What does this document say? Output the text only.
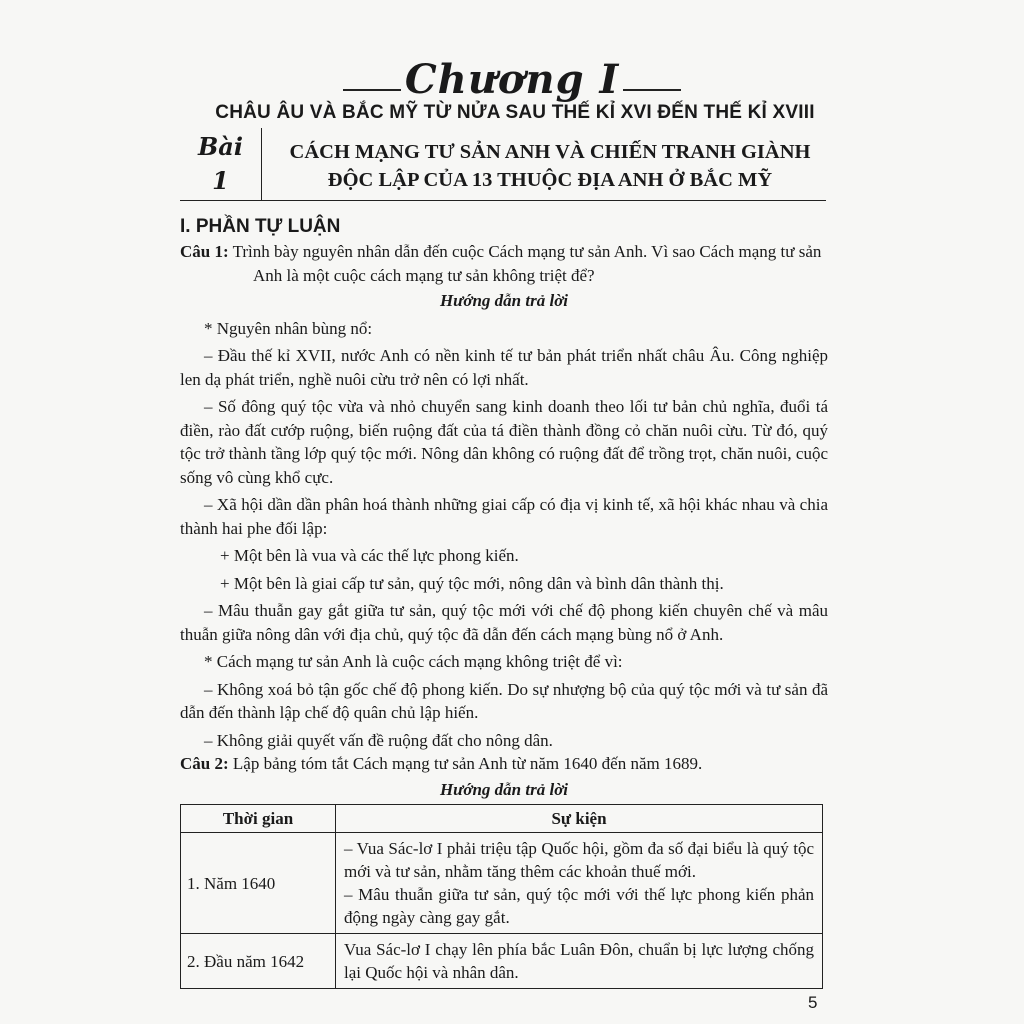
Chương I
CHÂU ÂU VÀ BẮC MỸ TỪ NỬA SAU THẾ KỈ XVI ĐẾN THẾ KỈ XVIII
Bài
1
CÁCH MẠNG TƯ SẢN ANH VÀ CHIẾN TRANH GIÀNH
ĐỘC LẬP CỦA 13 THUỘC ĐỊA ANH Ở BẮC MỸ
I. PHẦN TỰ LUẬN

Câu 1: Trình bày nguyên nhân dẫn đến cuộc Cách mạng tư sản Anh. Vì sao Cách mạng tư sản Anh là một cuộc cách mạng tư sản không triệt để?

Hướng dẫn trả lời

* Nguyên nhân bùng nổ:

– Đầu thế kỉ XVII, nước Anh có nền kinh tế tư bản phát triển nhất châu Âu. Công nghiệp len dạ phát triển, nghề nuôi cừu trở nên có lợi nhất.

– Số đông quý tộc vừa và nhỏ chuyển sang kinh doanh theo lối tư bản chủ nghĩa, đuổi tá điền, rào đất cướp ruộng, biến ruộng đất của tá điền thành đồng cỏ chăn nuôi cừu. Từ đó, quý tộc trở thành tầng lớp quý tộc mới. Nông dân không có ruộng đất để trồng trọt, chăn nuôi, cuộc sống vô cùng khổ cực.

– Xã hội dần dần phân hoá thành những giai cấp có địa vị kinh tế, xã hội khác nhau và chia thành hai phe đối lập:

+ Một bên là vua và các thế lực phong kiến.

+ Một bên là giai cấp tư sản, quý tộc mới, nông dân và bình dân thành thị.

– Mâu thuẫn gay gắt giữa tư sản, quý tộc mới với chế độ phong kiến chuyên chế và mâu thuẫn giữa nông dân với địa chủ, quý tộc đã dẫn đến cách mạng bùng nổ ở Anh.

* Cách mạng tư sản Anh là cuộc cách mạng không triệt để vì:

– Không xoá bỏ tận gốc chế độ phong kiến. Do sự nhượng bộ của quý tộc mới và tư sản đã dẫn đến thành lập chế độ quân chủ lập hiến.

– Không giải quyết vấn đề ruộng đất cho nông dân.

Câu 2: Lập bảng tóm tắt Cách mạng tư sản Anh từ năm 1640 đến năm 1689.

Hướng dẫn trả lời

Thời gian	Sự kiện
1. Năm 1640	– Vua Sác-lơ I phải triệu tập Quốc hội, gồm đa số đại biểu là quý tộc mới và tư sản, nhằm tăng thêm các khoản thuế mới.
– Mâu thuẫn giữa tư sản, quý tộc mới với thế lực phong kiến phản động ngày càng gay gắt.

2. Đầu năm 1642	Vua Sác-lơ I chạy lên phía bắc Luân Đôn, chuẩn bị lực lượng chống lại Quốc hội và nhân dân.
5
